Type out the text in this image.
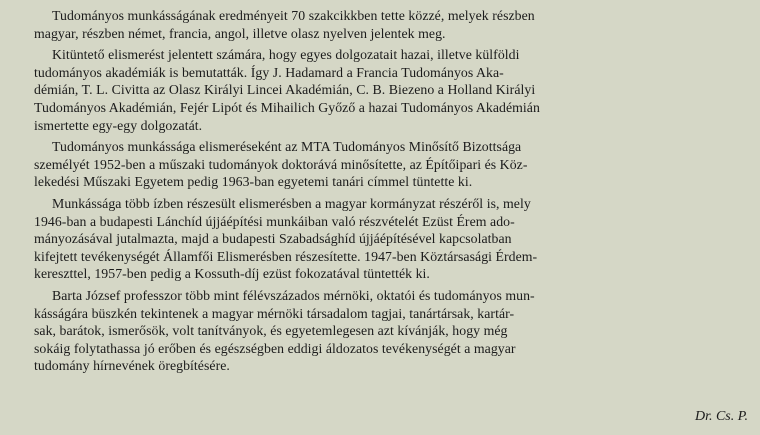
Tudományos munkásságának eredményeit 70 szakcikkben tette közzé, melyek részben
magyar, részben német, francia, angol, illetve olasz nyelven jelentek meg.
Kitüntető elismerést jelentett számára, hogy egyes dolgozatait hazai, illetve külföldi
tudományos akadémiák is bemutatták. Így J. Hadamard a Francia Tudományos Aka-
démián, T. L. Civitta az Olasz Királyi Lincei Akadémián, C. B. Biezeno a Holland Királyi
Tudományos Akadémián, Fejér Lipót és Mihailich Győző a hazai Tudományos Akadémián
ismertette egy-egy dolgozatát.
Tudományos munkássága elismeréseként az MTA Tudományos Minősítő Bizottsága
személyét 1952-ben a műszaki tudományok doktorává minősítette, az Építőipari és Köz-
lekedési Műszaki Egyetem pedig 1963-ban egyetemi tanári címmel tüntette ki.
Munkássága több ízben részesült elismerésben a magyar kormányzat részéről is, mely
1946-ban a budapesti Lánchíd újjáépítési munkáiban való részvételét Ezüst Érem ado-
mányozásával jutalmazta, majd a budapesti Szabadsághíd újjáépítésével kapcsolatban
kifejtett tevékenységét Államfői Elismerésben részesítette. 1947-ben Köztársasági Érdem-
kereszttel, 1957-ben pedig a Kossuth-díj ezüst fokozatával tüntették ki.
Barta József professzor több mint félévszázados mérnöki, oktatói és tudományos mun-
kásságára büszkén tekintenek a magyar mérnöki társadalom tagjai, tanártársak, kartár-
sak, barátok, ismerősök, volt tanítványok, és egyetemlegesen azt kívánják, hogy még
sokáig folytathassa jó erőben és egészségben eddigi áldozatos tevékenységét a magyar
tudomány hírnevének öregbítésére.
Dr. Cs. P.
